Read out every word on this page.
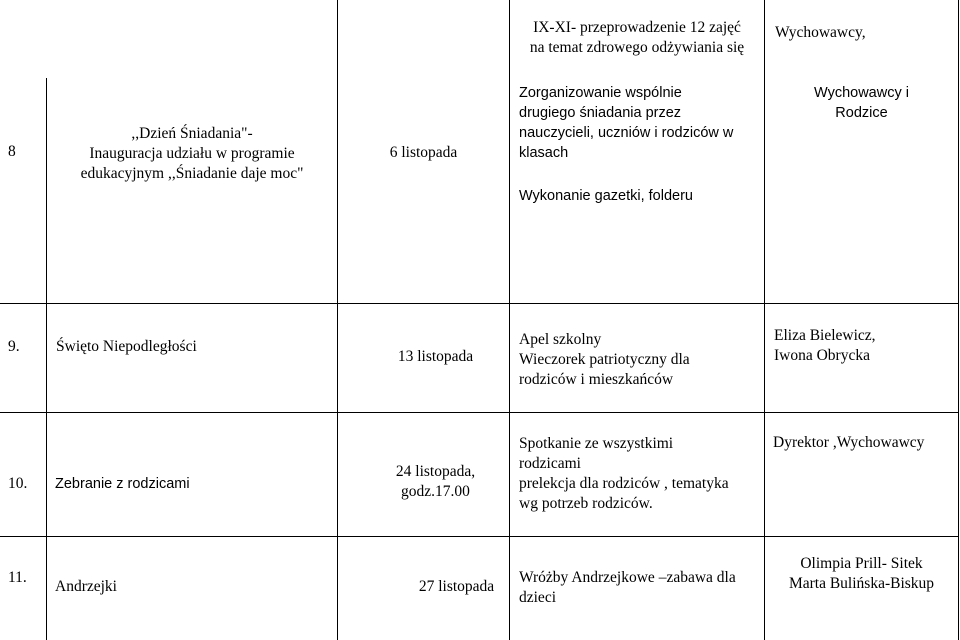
IX-XI- przeprowadzenie 12 zajęć
na temat zdrowego odżywiania się
Wychowawcy,
8
,,Dzień Śniadania"-
Inauguracja udziału w programie
edukacyjnym ,,Śniadanie daje moc"
6 listopada
Zorganizowanie wspólnie
drugiego śniadania przez
nauczycieli, uczniów i rodziców w
klasach
Wykonanie gazetki, folderu
Wychowawcy i
Rodzice
9. Święto Niepodległości
13 listopada
Apel szkolny
Wieczorek patriotyczny dla
rodziców i mieszkańców
Eliza Bielewicz,
Iwona Obrycka
10. Zebranie z rodzicami
24 listopada,
godz.17.00
Spotkanie ze wszystkimi
rodzicami
prelekcja dla rodziców , tematyka
wg potrzeb rodziców.
Dyrektor ,Wychowawcy
11.
Andrzejki	27 listopada
Wróżby Andrzejkowe –zabawa dla
dzieci
Olimpia Prill- Sitek
Marta Bulińska-Biskup
